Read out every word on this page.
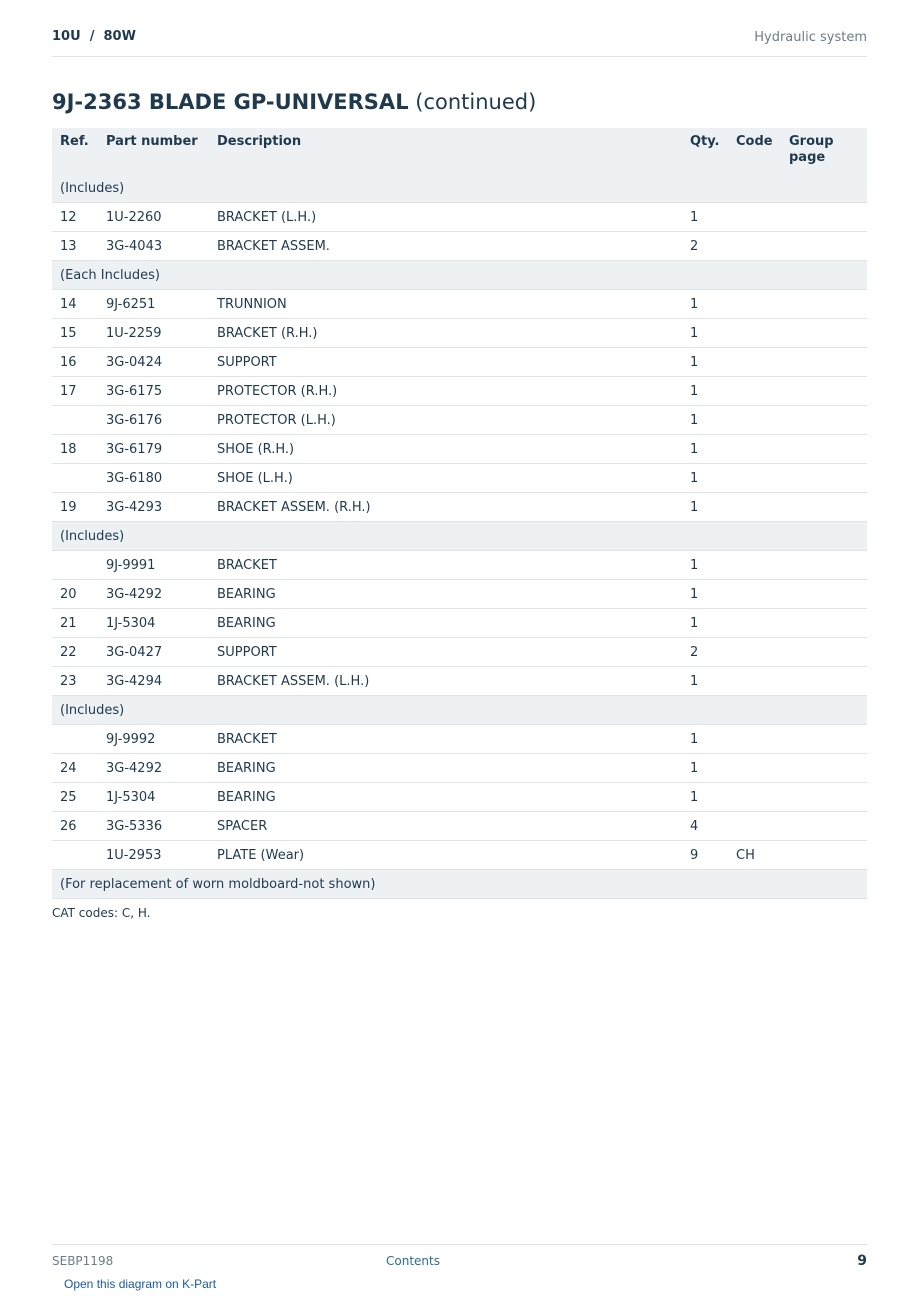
10U  /  80W	Hydraulic system
9J-2363 BLADE GP-UNIVERSAL (continued)
Ref.	Part number	Description	Qty.	Code	Group page
(Includes)					
12	1U-2260	BRACKET (L.H.)	1		
13	3G-4043	BRACKET ASSEM.	2		
(Each Includes)					
14	9J-6251	TRUNNION	1		
15	1U-2259	BRACKET (R.H.)	1		
16	3G-0424	SUPPORT	1		
17	3G-6175	PROTECTOR (R.H.)	1		
	3G-6176	PROTECTOR (L.H.)	1		
18	3G-6179	SHOE (R.H.)	1		
	3G-6180	SHOE (L.H.)	1		
19	3G-4293	BRACKET ASSEM. (R.H.)	1		
(Includes)					
	9J-9991	BRACKET	1		
20	3G-4292	BEARING	1		
21	1J-5304	BEARING	1		
22	3G-0427	SUPPORT	2		
23	3G-4294	BRACKET ASSEM. (L.H.)	1		
(Includes)					
	9J-9992	BRACKET	1		
24	3G-4292	BEARING	1		
25	1J-5304	BEARING	1		
26	3G-5336	SPACER	4		
	1U-2953	PLATE (Wear)	9	CH	
(For replacement of worn moldboard-not shown)					
CAT codes: C, H.
SEBP1198	Contents	9
Open this diagram on K-Part
